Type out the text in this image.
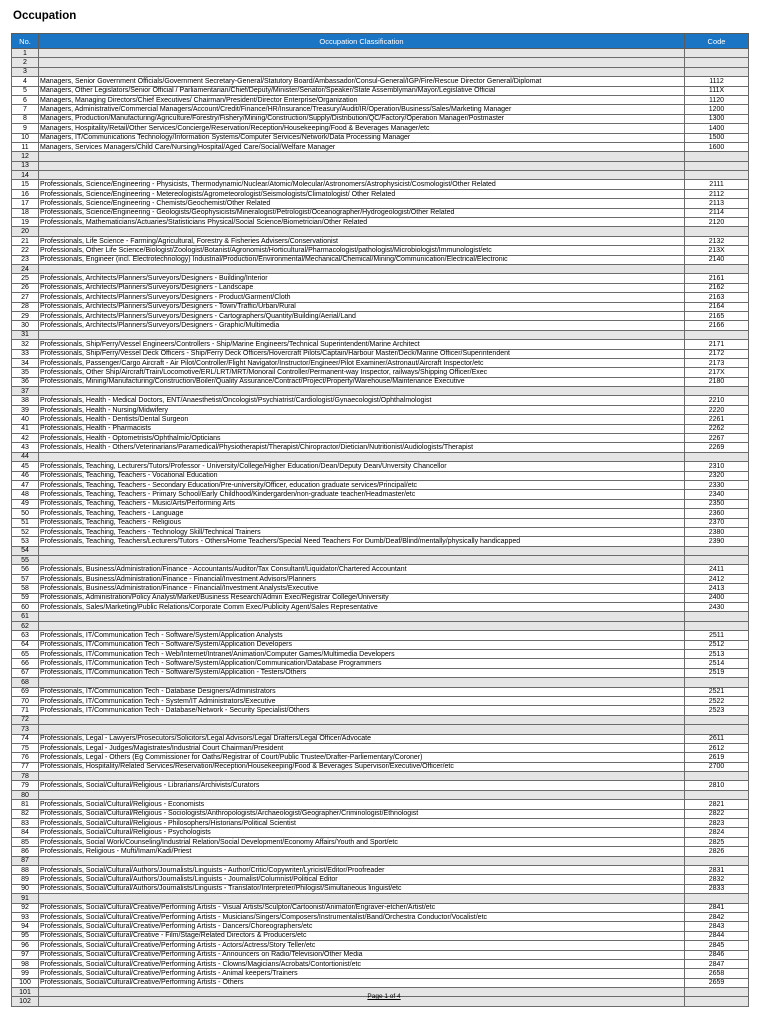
Occupation
No.	Occupation Classification	Code
1		
2		
3		
4	Managers, Senior Government Officials/Government Secretary-General/Statutory Board/Ambassador/Consul-General/IGP/Fire/Rescue Director General/Diplomat	1112
5	Managers, Other Legislators/Senior Official / Parliamentarian/Chief/Deputy/Minister/Senator/Speaker/State Assemblyman/Mayor/Legislative Official	111X
6	Managers, Managing Directors/Chief Executives/ Chairman/President/Director Enterprise/Organization	1120
7	Managers, Administrative/Commercial Managers/Account/Credit/Finance/HR/Insurance/Treasury/Audit/IR/Operation/Business/Sales/Marketing Manager	1200
8	Managers, Production/Manufacturing/Agriculture/Forestry/Fishery/Mining/Construction/Supply/Distribution/QC/Factory/Operation Manager/Postmaster	1300
9	Managers, Hospitality/Retail/Other Services/Concierge/Reservation/Reception/Housekeeping/Food & Beverages Manager/etc	1400
10	Managers, IT/Communications Technology/Information Systems/Computer Services/Network/Data Processing Manager	1500
11	Managers, Services Managers/Child Care/Nursing/Hospital/Aged Care/Social/Welfare Manager	1600
12		
13		
14		
15	Professionals, Science/Engineering - Physicists, Thermodynamic/Nuclear/Atomic/Molecular/Astronomers/Astrophysicist/Cosmologist/Other Related	2111
16	Professionals, Science/Engineering - Metereologists/Agrometeorologist/Seismologists/Climatologist/ Other Related	2112
17	Professionals, Science/Engineering - Chemists/Geochemist/Other Related	2113
18	Professionals, Science/Engineering - Geologists/Geophysicists/Mineralogist/Petrologist/Oceanographer/Hydrogeologist/Other Related	2114
19	Professionals, Mathematicians/Actuaries/Statisticians Physical/Social Science/Biometrician/Other Related	2120
20		
21	Professionals, Life Science - Farming/Agricultural, Forestry & Fisheries Advisers/Conservationist	2132
22	Professionals, Other Life Science/Biologist/Zoologist/Botanist/Agronomist/Horticultural/Pharmacologist/pathologist/Microbiologist/Immunologist/etc	213X
23	Professionals, Engineer (incl. Electrotechnology) Industrial/Production/Environmental/Mechanical/Chemical/Mining/Communication/Electrical/Electronic	2140
24		
25	Professionals, Architects/Planners/Surveyors/Designers - Building/Interior	2161
26	Professionals, Architects/Planners/Surveyors/Designers - Landscape	2162
27	Professionals, Architects/Planners/Surveyors/Designers - Product/Garment/Cloth	2163
28	Professionals, Architects/Planners/Surveyors/Designers - Town/Traffic/Urban/Rural	2164
29	Professionals, Architects/Planners/Surveyors/Designers - Cartographers/Quantity/Building/Aerial/Land	2165
30	Professionals, Architects/Planners/Surveyors/Designers - Graphic/Multimedia	2166
31		
32	Professionals, Ship/Ferry/Vessel Engineers/Controllers - Ship/Marine Engineers/Technical Superintendent/Marine Architect	2171
33	Professionals, Ship/Ferry/Vessel Deck Officers - Ship/Ferry Deck Officers/Hovercraft Pilots/Captain/Harbour Master/Deck/Marine Officer/Superintendent	2172
34	Professionals, Passenger/Cargo Aircraft - Air Pilot/Controller/Flight Navigator/Instructor/Engineer/Pilot Examiner/Astronaut/Aircraft Inspector/etc	2173
35	Professionals, Other Ship/Aircraft/Train/Locomotive/ERL/LRT/MRT/Monorail Controller/Permanent-way Inspector, railways/Shipping Officer/Exec	217X
36	Professionals, Mining/Manufacturing/Construction/Boiler/Quality Assurance/Contract/Project/Property/Warehouse/Maintenance Executive	2180
37		
38	Professionals, Health - Medical Doctors, ENT/Anaesthetist/Oncologist/Psychiatrist/Cardiologist/Gynaecologist/Ophthalmologist	2210
39	Professionals, Health - Nursing/Midwifery	2220
40	Professionals, Health - Dentists/Dental Surgeon	2261
41	Professionals, Health - Pharmacists	2262
42	Professionals, Health - Optometrists/Ophthalmic/Opticians	2267
43	Professionals, Health - Others/Veterinarians/Paramedical/Physiotherapist/Therapist/Chiropractor/Dietician/Nutritionist/Audiologists/Therapist	2269
44		
45	Professionals, Teaching, Lecturers/Tutors/Professor - University/College/Higher Education/Dean/Deputy Dean/Unversity Chancellor	2310
46	Professionals, Teaching, Teachers - Vocational Education	2320
47	Professionals, Teaching, Teachers - Secondary Education/Pre-university/Officer, education graduate services/Principal/etc	2330
48	Professionals, Teaching, Teachers - Primary School/Early Childhood/Kindergarden/non-graduate teacher/Headmaster/etc	2340
49	Professionals, Teaching, Teachers - Music/Arts/Performing Arts	2350
50	Professionals, Teaching, Teachers - Language	2360
51	Professionals, Teaching, Teachers - Religious	2370
52	Professionals, Teaching, Teachers - Technology Skill/Technical Trainers	2380
53	Professionals, Teaching, Teachers/Lecturers/Tutors - Others/Home Teachers/Special Need Teachers For Dumb/Deaf/Blind/mentally/physically handicapped	2390
54		
55		
56	Professionals, Business/Administration/Finance - Accountants/Auditor/Tax Consultant/Liquidator/Chartered Accountant	2411
57	Professionals, Business/Administration/Finance - Financial/Investment Advisors/Planners	2412
58	Professionals, Business/Administration/Finance - Financial/Investment Analysts/Executive	2413
59	Professionals, Administration/Policy Analyst/Market/Business Research/Admin Exec/Registrar College/University	2400
60	Professionals, Sales/Marketing/Public Relations/Corporate Comm Exec/Publicity Agent/Sales Representative	2430
61		
62		
63	Professionals, IT/Communication Tech - Software/System/Application Analysts	2511
64	Professionals, IT/Communication Tech - Software/System/Application Developers	2512
65	Professionals, IT/Communication Tech - Web/Internet/Intranet/Animation/Computer Games/Multimedia Developers	2513
66	Professionals, IT/Communication Tech - Software/System/Application/Communication/Database Programmers	2514
67	Professionals, IT/Communication Tech - Software/System/Application - Testers/Others	2519
68		
69	Professionals, IT/Communication Tech - Database Designers/Administrators	2521
70	Professionals, IT/Communication Tech - System/IT Administrators/Executive	2522
71	Professionals, IT/Communication Tech - Database/Network - Security Specialist/Others	2523
72		
73		
74	Professionals, Legal - Lawyers/Prosecutors/Solicitors/Legal Advisors/Legal Drafters/Legal Officer/Advocate	2611
75	Professionals, Legal - Judges/Magistrates/Industrial Court Chairman/President	2612
76	Professionals, Legal - Others (Eg Commissioner for Oaths/Registrar of Court/Public Trustee/Drafter-Parliementary/Coroner)	2619
77	Professionals, Hospitality/Related Services/Reservation/Reception/Housekeeping/Food & Beverages Supervisor/Executive/Officer/etc	2700
78		
79	Professionals, Social/Cultural/Religious - Librarians/Archivists/Curators	2810
80		
81	Professionals, Social/Cultural/Religious - Economists	2821
82	Professionals, Social/Cultural/Religious - Sociologists/Anthropologists/Archaeologist/Geographer/Criminologist/Ethnologist	2822
83	Professionals, Social/Cultural/Religious - Philosophers/Historians/Political Scientist	2823
84	Professionals, Social/Cultural/Religious - Psychologists	2824
85	Professionals, Social Work/Counseling/Industrial Relation/Social Development/Economy Affairs/Youth and Sport/etc	2825
86	Professionals, Religious - Mufti/Imam/Kadi/Priest	2826
87		
88	Professionals, Social/Cultural/Authors/Journalists/Linguists - Author/Critic/Copywriter/Lyricist/Editor/Proofreader	2831
89	Professionals, Social/Cultural/Authors/Journalists/Linguists - Journalist/Columnist/Political Editor	2832
90	Professionals, Social/Cultural/Authors/Journalists/Linguists - Translator/Interpreter/Philogist/Simultaneous linguist/etc	2833
91		
92	Professionals, Social/Cultural/Creative/Performing Artists - Visual Artists/Sculptor/Cartoonist/Animator/Engraver-etcher/Artist/etc	2841
93	Professionals, Social/Cultural/Creative/Performing Artists - Musicians/Singers/Composers/Instrumentalist/Band/Orchestra Conductor/Vocalist/etc	2842
94	Professionals, Social/Cultural/Creative/Performing Artists - Dancers/Choreographers/etc	2843
95	Professionals, Social/Cultural/Creative - Film/Stage/Related Directors & Producers/etc	2844
96	Professionals, Social/Cultural/Creative/Performing Artists - Actors/Actress/Story Teller/etc	2845
97	Professionals, Social/Cultural/Creative/Performing Artists - Announcers on Radio/Television/Other Media	2846
98	Professionals, Social/Cultural/Creative/Performing Artists - Clowns/Magicians/Acrobats/Contortionist/etc	2847
99	Professionals, Social/Cultural/Creative/Performing Artists - Animal keepers/Trainers	2658
100	Professionals, Social/Cultural/Creative/Performing Artists - Others	2659
101		
102		
Page 1 of 4
